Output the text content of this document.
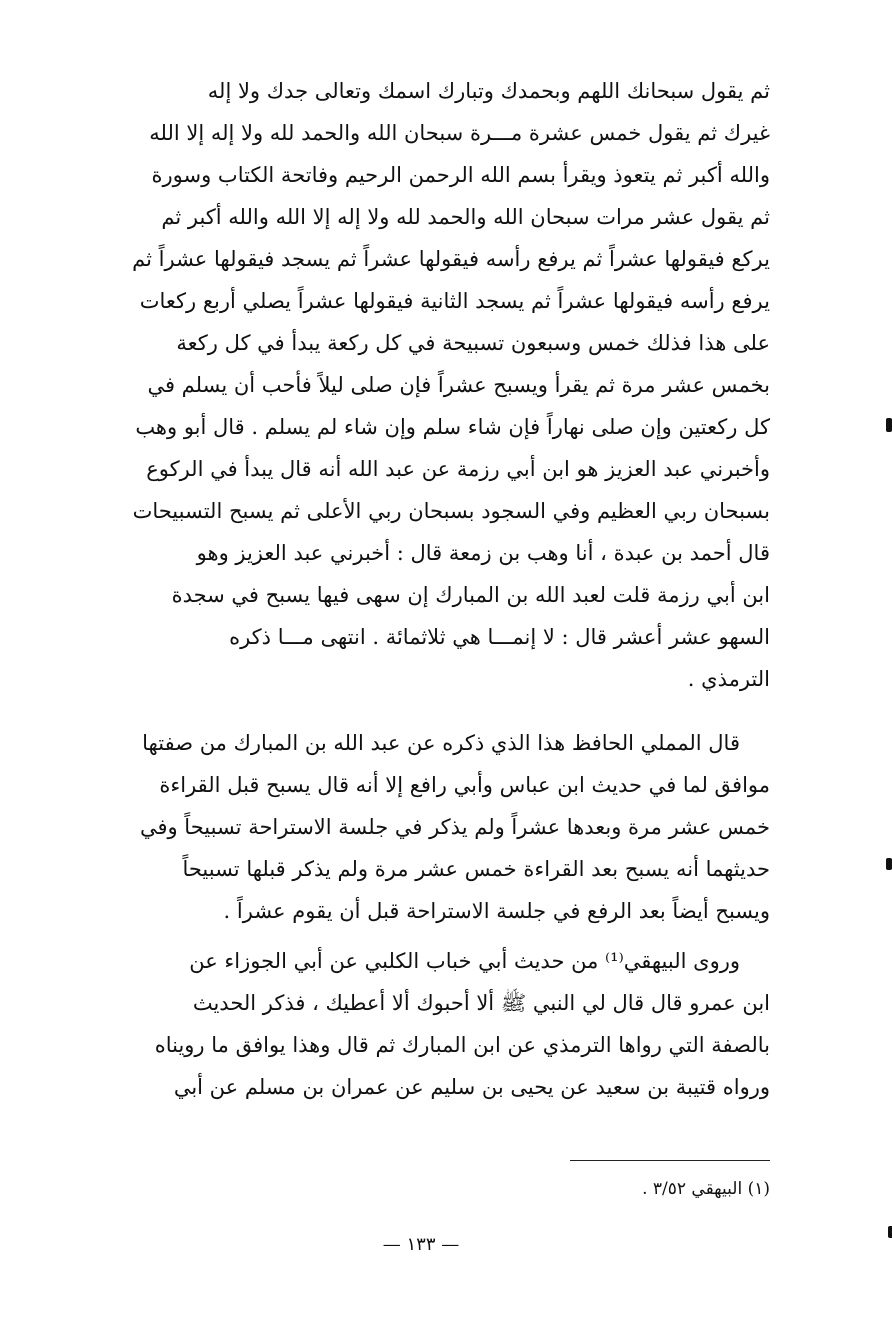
ثم يقول سبحانك اللهم وبحمدك وتبارك اسمك وتعالى جدك ولا إله
غيرك ثم يقول خمس عشرة مـــرة سبحان الله والحمد لله ولا إله إلا الله
والله أكبر ثم يتعوذ ويقرأ بسم الله الرحمن الرحيم وفاتحة الكتاب وسورة
ثم يقول عشر مرات سبحان الله والحمد لله ولا إله إلا الله والله أكبر ثم
يركع فيقولها عشراً ثم يرفع رأسه فيقولها عشراً ثم يسجد فيقولها عشراً ثم
يرفع رأسه فيقولها عشراً ثم يسجد الثانية فيقولها عشراً يصلي أربع ركعات
على هذا فذلك خمس وسبعون تسبيحة في كل ركعة يبدأ في كل ركعة
بخمس عشر مرة ثم يقرأ ويسبح عشراً فإن صلى ليلاً فأحب أن يسلم في
كل ركعتين وإن صلى نهاراً فإن شاء سلم وإن شاء لم يسلم . قال أبو وهب
وأخبرني عبد العزيز هو ابن أبي رزمة عن عبد الله أنه قال يبدأ في الركوع
بسبحان ربي العظيم وفي السجود بسبحان ربي الأعلى ثم يسبح التسبيحات
قال أحمد بن عبدة ، أنا وهب بن زمعة قال : أخبرني عبد العزيز وهو
ابن أبي رزمة قلت لعبد الله بن المبارك إن سهى فيها يسبح في سجدة
السهو عشر أعشر قال : لا إنمـــا هي ثلاثمائة . انتهى مـــا ذكره
الترمذي .
قال المملي الحافظ هذا الذي ذكره عن عبد الله بن المبارك من صفتها
موافق لما في حديث ابن عباس وأبي رافع إلا أنه قال يسبح قبل القراءة
خمس عشر مرة وبعدها عشراً ولم يذكر في جلسة الاستراحة تسبيحاً وفي
حديثهما أنه يسبح بعد القراءة خمس عشر مرة ولم يذكر قبلها تسبيحاً
ويسبح أيضاً بعد الرفع في جلسة الاستراحة قبل أن يقوم عشراً .
وروى البيهقي⁽¹⁾ من حديث أبي خباب الكلبي عن أبي الجوزاء عن
ابن عمرو قال قال لي النبي ﷺ ألا أحبوك ألا أعطيك ، فذكر الحديث
بالصفة التي رواها الترمذي عن ابن المبارك ثم قال وهذا يوافق ما رويناه
ورواه قتيبة بن سعيد عن يحيى بن سليم عن عمران بن مسلم عن أبي
(١) البيهقي ٣/٥٢ .
— ١٣٣ —
